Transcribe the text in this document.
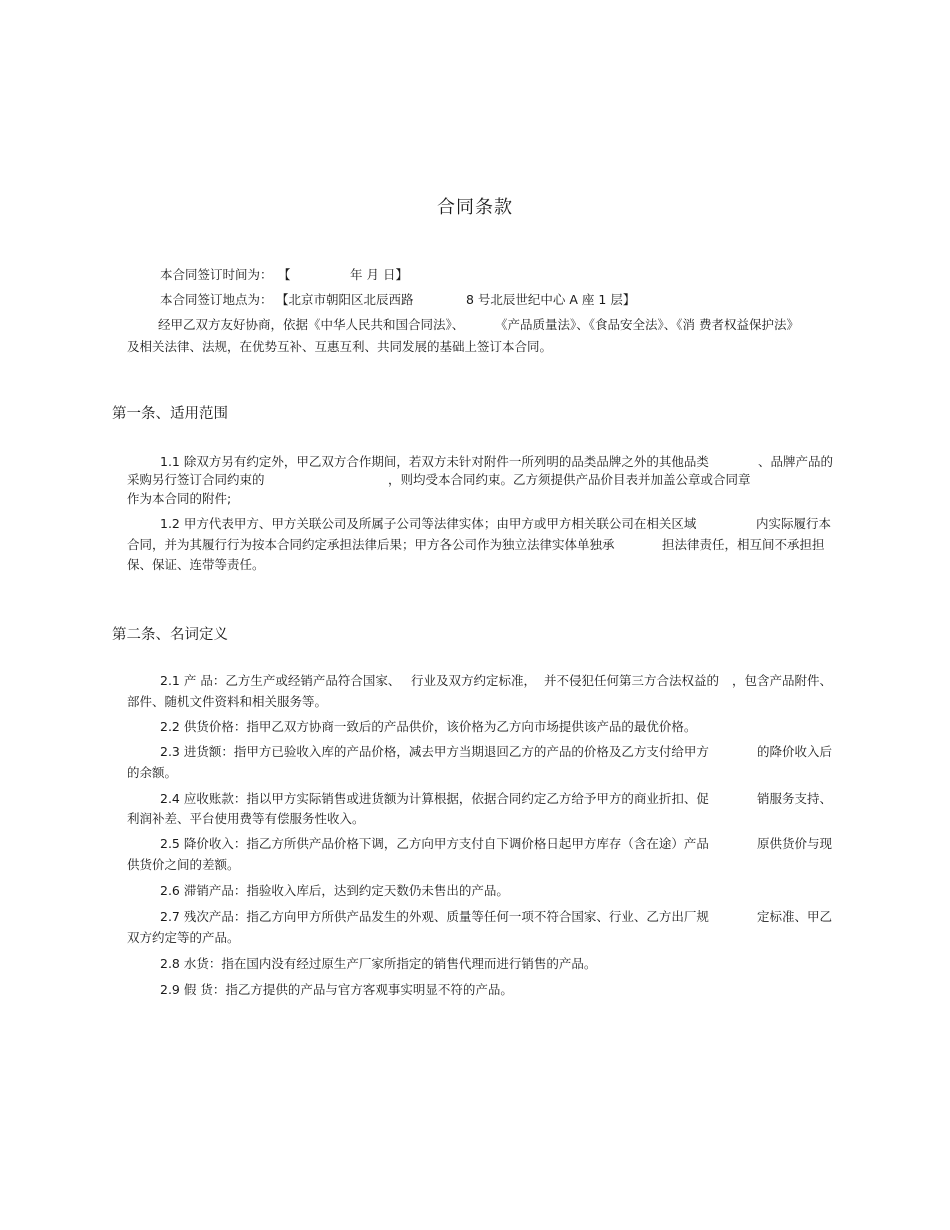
合同条款
本合同签订时间为： 【	年 月 日】
本合同签订地点为： 【北京市朝阳区北辰西路	8 号北辰世纪中心 A 座 1 层】
经甲乙双方友好协商，依据《中华人民共和国合同法》、 《产品质量法》、《食品安全法》、《消 费者权益保护法》
及相关法律、法规，在优势互补、互惠互利、共同发展的基础上签订本合同。
第一条、适用范围
1.1 除双方另有约定外，甲乙双方合作期间，若双方未针对附件一所列明的品类品牌之外的其他品类	、品牌产品的
采购另行签订合同约束的	，则均受本合同约束。乙方须提供产品价目表并加盖公章或合同章
作为本合同的附件;
1.2 甲方代表甲方、甲方关联公司及所属子公司等法律实体；由甲方或甲方相关联公司在相关区域	内实际履行本
合同，并为其履行行为按本合同约定承担法律后果；甲方各公司作为独立法律实体单独承	担法律责任，相互间不承担担
保、保证、连带等责任。
第二条、名词定义
2.1 产 品：乙方生产或经销产品符合国家、 行业及双方约定标准， 并不侵犯任何第三方合法权益的 ，包含产品附件、
部件、随机文件资料和相关服务等。
2.2 供货价格：指甲乙双方协商一致后的产品供价，该价格为乙方向市场提供该产品的最优价格。
2.3 进货额：指甲方已验收入库的产品价格，减去甲方当期退回乙方的产品的价格及乙方支付给甲方	的降价收入后
的余额。
2.4 应收账款：指以甲方实际销售或进货额为计算根据，依据合同约定乙方给予甲方的商业折扣、促	销服务支持、
利润补差、平台使用费等有偿服务性收入。
2.5 降价收入：指乙方所供产品价格下调，乙方向甲方支付自下调价格日起甲方库存（含在途）产品	原供货价与现
供货价之间的差额。
2.6 滞销产品：指验收入库后，达到约定天数仍未售出的产品。
2.7 残次产品：指乙方向甲方所供产品发生的外观、质量等任何一项不符合国家、行业、乙方出厂规	定标准、甲乙
双方约定等的产品。
2.8 水货：指在国内没有经过原生产厂家所指定的销售代理而进行销售的产品。
2.9 假 货：指乙方提供的产品与官方客观事实明显不符的产品。
